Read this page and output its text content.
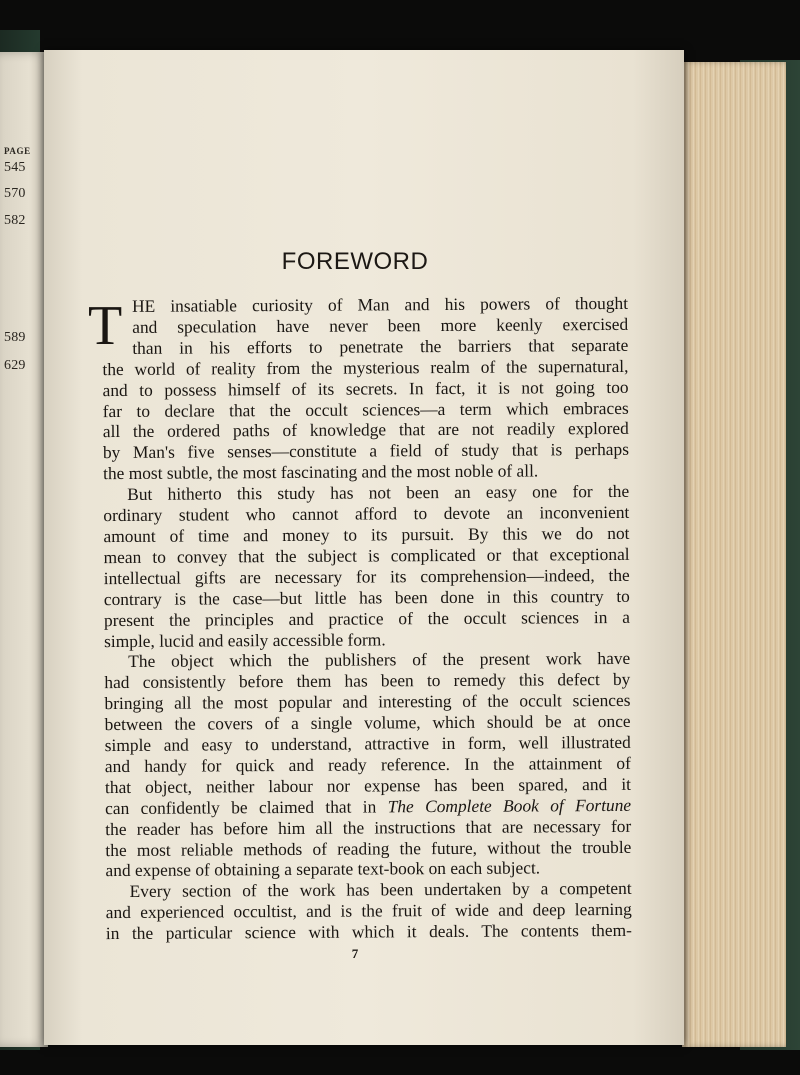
PAGE
545
570
582
589
629
FOREWORD
T HE insatiable curiosity of Man and his powers of thought
and speculation have never been more keenly exercised
than in his efforts to penetrate the barriers that separate
the world of reality from the mysterious realm of the supernatural,
and to possess himself of its secrets. In fact, it is not going too
far to declare that the occult sciences—a term which embraces
all the ordered paths of knowledge that are not readily explored
by Man's five senses—constitute a field of study that is perhaps
the most subtle, the most fascinating and the most noble of all.
But hitherto this study has not been an easy one for the
ordinary student who cannot afford to devote an inconvenient
amount of time and money to its pursuit. By this we do not
mean to convey that the subject is complicated or that exceptional
intellectual gifts are necessary for its comprehension—indeed, the
contrary is the case—but little has been done in this country to
present the principles and practice of the occult sciences in a
simple, lucid and easily accessible form.
The object which the publishers of the present work have
had consistently before them has been to remedy this defect by
bringing all the most popular and interesting of the occult sciences
between the covers of a single volume, which should be at once
simple and easy to understand, attractive in form, well illustrated
and handy for quick and ready reference. In the attainment of
that object, neither labour nor expense has been spared, and it
can confidently be claimed that in The Complete Book of Fortune
the reader has before him all the instructions that are necessary for
the most reliable methods of reading the future, without the trouble
and expense of obtaining a separate text-book on each subject.
Every section of the work has been undertaken by a competent
and experienced occultist, and is the fruit of wide and deep learning
in the particular science with which it deals. The contents them-
7
